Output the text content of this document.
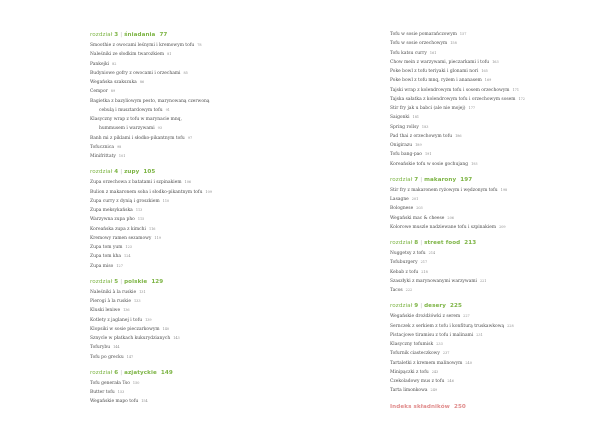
rozdział 3 | śniadania 77
Smoothie z owocami leśnymi i kremowym tofu 78
Naleśniki ze słodkim twarożkiem 81
Pankejki 82
Budyniowe gofry z owocami i orzechami 85
Wegańska szakszuka 86
Cempor 89
Bagietka z bazyliowym pesto, marynowaną czerwoną
cebulą i musztardowym tofu 91
Klasyczny wrap z tofu w marynacie mnq,
hummusem i warzywami 93
Banh mi z piklami i słodko-pikantnym tofu 97
Tofucznica 98
Minifrittaty 101
rozdział 4 | zupy 105
Zupa orzechowa z batatami i szpinakiem 106
Bulion z makaronem soba i słodko-pikantnym tofu 109
Zupa curry z dynią i groszkiem 110
Zupa meksykańska 113
Warzywna zupa pho 115
Koreańska zupa z kimchi 116
Kremowy ramen sezamowy 119
Zupa tom yum 123
Zupa tom kha 124
Zupa miso 127
rozdział 5 | polskie 129
Naleśniki à la ruskie 131
Pierogi à la ruskie 133
Kluski leniwe 136
Kotlety z jaglanej i tofu 139
Klopsiki w sosie pieczarkowym 140
Sznycle w płatkach kukurydzianych 143
Tofurybu 144
Tofu po grecku 147
rozdział 6 | azjatyckie 149
Tofu generała Tso 150
Butter tofu 153
Wegańskie mapo tofu 154
Tofu w sosie pomarańczowym 157
Tofu w sosie orzechowym 158
Tofu katsu curry 161
Chow mein z warzywami, pieczarkami i tofu 163
Poke bowl z tofu teriyaki i glonami nori 165
Poke bowl z tofu mnq, ryżem i ananasem 169
Tajski wrap z kolendrowym tofu i sosem orzechowym 171
Tajska sałatka z kolendrowym tofu i orzechowym sosem 172
Stir fry jak u babci (ale nie mojej) 177
Saigonki 181
Spring rollsy 183
Pad thai z orzechowym tofu 186
Onigirazu 189
Tofu bang-pao 191
Koreańskie tofu w sosie gochujang 193
rozdział 7 | makarony 197
Stir fry z makaronem ryżowym i wędzonym tofu 198
Lasagne 201
Bolognese 203
Wegański mac & cheese 206
Kolorowe muszle nadziewane tofu i szpinakiem 209
rozdział 8 | street food 213
Nuggetsy z tofu 214
Tofuburgery 217
Kebab z tofu 218
Szaszłyki z marynowanymi warzywami 221
Tacos 222
rozdział 9 | desery 225
Wegańskie drożdżówki z serem 227
Sernczek z serkiem z tofu i konfiturą truskawkową 228
Pistacjowe tiramisu z tofu i malinami 231
Klasyczny tofumisk 233
Tofurnik ciasteczkowy 237
Tartaletki z kremem malinowym 240
Minipączki z tofu 243
Czekoladowy mus z tofu 246
Tarta limonkowa 249
Indeks składników 250
